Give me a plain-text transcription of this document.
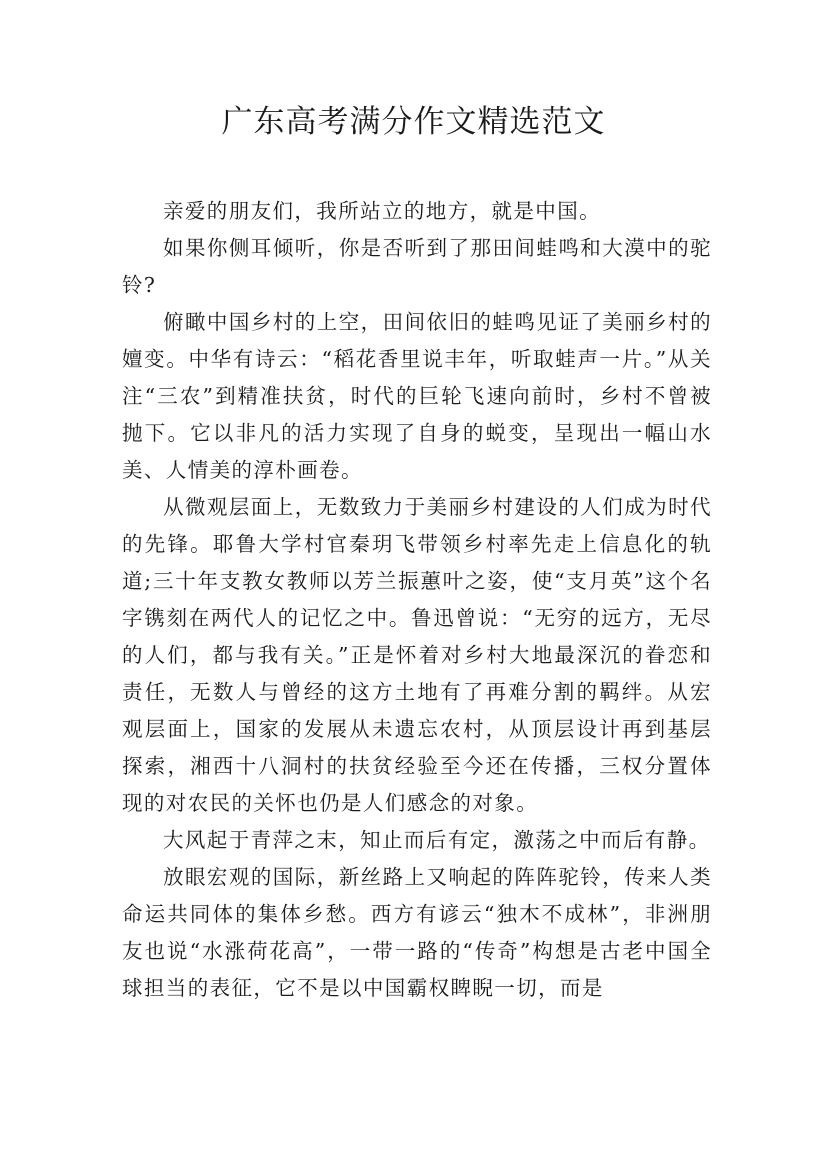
广东高考满分作文精选范文

亲爱的朋友们，我所站立的地方，就是中国。

如果你侧耳倾听，你是否听到了那田间蛙鸣和大漠中的驼铃?

俯瞰中国乡村的上空，田间依旧的蛙鸣见证了美丽乡村的嬗变。中华有诗云：“稻花香里说丰年，听取蛙声一片。”从关注“三农”到精准扶贫，时代的巨轮飞速向前时，乡村不曾被抛下。它以非凡的活力实现了自身的蜕变，呈现出一幅山水美、人情美的淳朴画卷。

从微观层面上，无数致力于美丽乡村建设的人们成为时代的先锋。耶鲁大学村官秦玥飞带领乡村率先走上信息化的轨道;三十年支教女教师以芳兰振蕙叶之姿，使“支月英”这个名字镌刻在两代人的记忆之中。鲁迅曾说：“无穷的远方，无尽的人们，都与我有关。”正是怀着对乡村大地最深沉的眷恋和责任，无数人与曾经的这方土地有了再难分割的羁绊。从宏观层面上，国家的发展从未遗忘农村，从顶层设计再到基层探索，湘西十八洞村的扶贫经验至今还在传播，三权分置体现的对农民的关怀也仍是人们感念的对象。

大风起于青萍之末，知止而后有定，激荡之中而后有静。

放眼宏观的国际，新丝路上又响起的阵阵驼铃，传来人类命运共同体的集体乡愁。西方有谚云“独木不成林”，非洲朋友也说“水涨荷花高”，一带一路的“传奇”构想是古老中国全球担当的表征，它不是以中国霸权睥睨一切，而是
